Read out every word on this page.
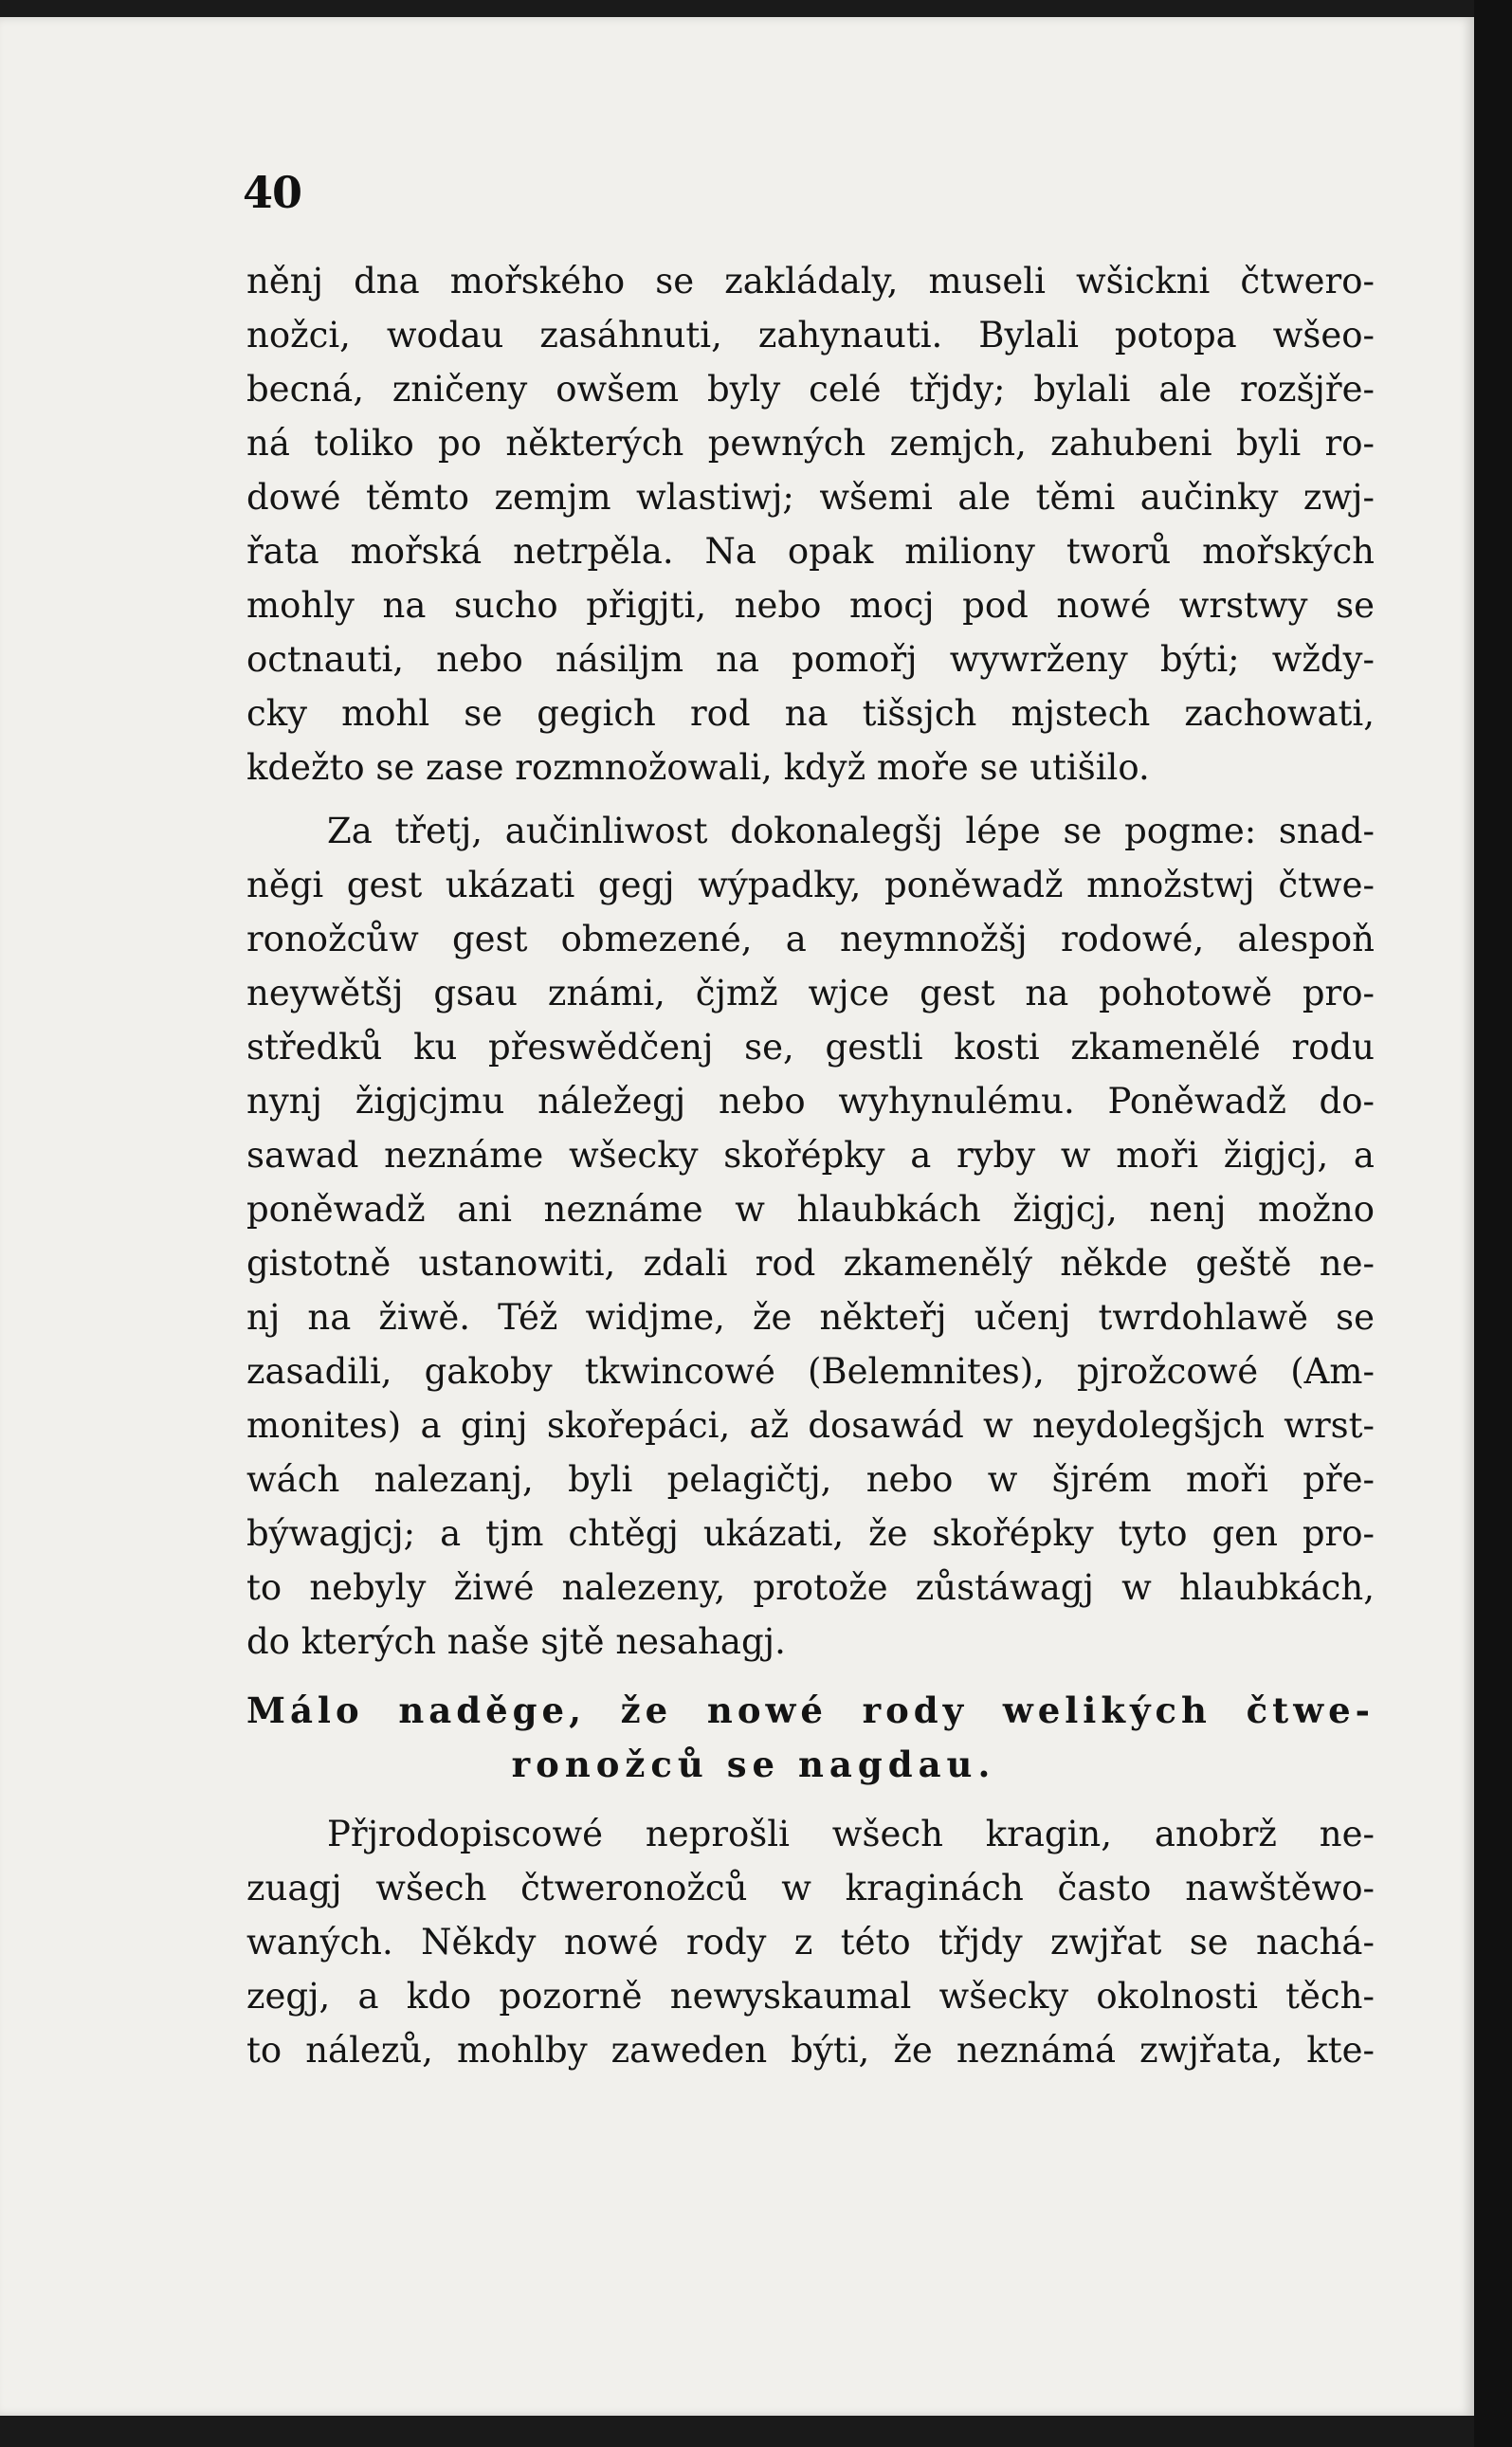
40
něnj dna mořského se zakládaly, museli wšickni čtwero-
nožci, wodau zasáhnuti, zahynauti. Bylali potopa wšeo-
becná, zničeny owšem byly celé třjdy; bylali ale rozšjře-
ná toliko po některých pewných zemjch, zahubeni byli ro-
dowé těmto zemjm wlastiwj; wšemi ale těmi aučinky zwj-
řata mořská netrpěla. Na opak miliony tworů mořských
mohly na sucho přigjti, nebo mocj pod nowé wrstwy se
octnauti, nebo násiljm na pomořj wywrženy býti; wždy-
cky mohl se gegich rod na tišsjch mjstech zachowati,
kdežto se zase rozmnožowali, když moře se utišilo.
Za třetj, aučinliwost dokonalegšj lépe se pogme: snad-
něgi gest ukázati gegj wýpadky, poněwadž množstwj čtwe-
ronožcůw gest obmezené, a neymnožšj rodowé, alespoň
neywětšj gsau známi, čjmž wjce gest na pohotowě pro-
středků ku přeswědčenj se, gestli kosti zkamenělé rodu
nynj žigjcjmu náležegj nebo wyhynulému. Poněwadž do-
sawad neznáme wšecky skořépky a ryby w moři žigjcj, a
poněwadž ani neznáme w hlaubkách žigjcj, nenj možno
gistotně ustanowiti, zdali rod zkamenělý někde geště ne-
nj na žiwě. Též widjme, že někteřj učenj twrdohlawě se
zasadili, gakoby tkwincowé (Belemnites), pjrožcowé (Am-
monites) a ginj skořepáci, až dosawád w neydolegšjch wrst-
wách nalezanj, byli pelagičtj, nebo w šjrém moři pře-
býwagjcj; a tjm chtěgj ukázati, že skořépky tyto gen pro-
to nebyly žiwé nalezeny, protože zůstáwagj w hlaubkách,
do kterých naše sjtě nesahagj.
Málo naděge, že nowé rody welikých čtwe-
ronožců se nagdau.
Přjrodopiscowé neprošli wšech kragin, anobrž ne-
zuagj wšech čtweronožců w kraginách často nawštěwo-
waných. Někdy nowé rody z této třjdy zwjřat se nachá-
zegj, a kdo pozorně newyskaumal wšecky okolnosti těch-
to nálezů, mohlby zaweden býti, že neznámá zwjřata, kte-
